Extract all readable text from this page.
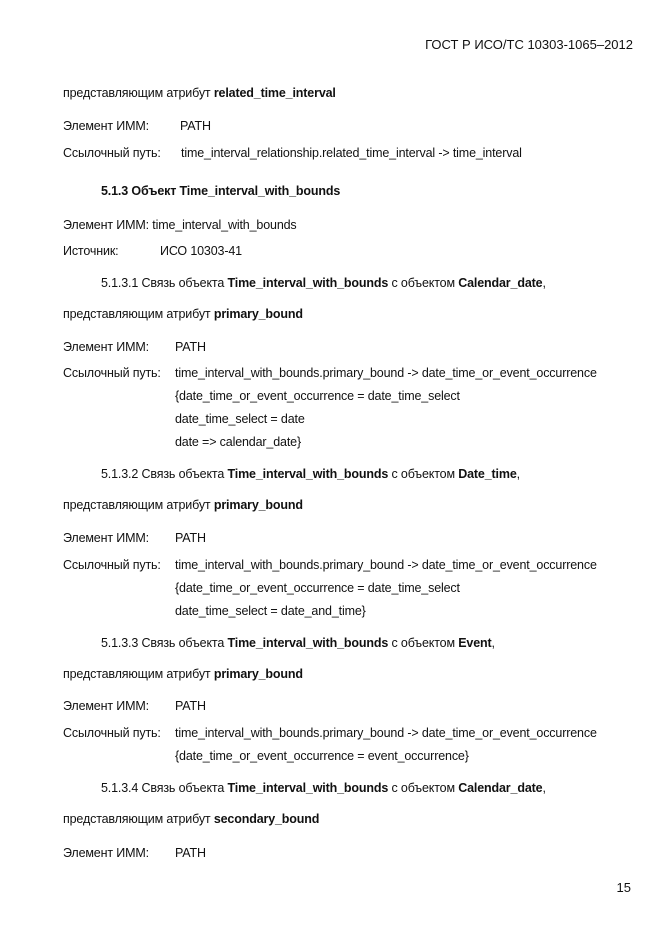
ГОСТ Р ИСО/ТС 10303-1065–2012
представляющим атрибут related_time_interval
Элемент ИММ: PATH
Ссылочный путь: time_interval_relationship.related_time_interval -> time_interval
5.1.3 Объект Time_interval_with_bounds
Элемент ИММ: time_interval_with_bounds
Источник:	ИСО 10303-41
5.1.3.1 Связь объекта Time_interval_with_bounds с объектом Calendar_date,
представляющим атрибут primary_bound
Элемент ИММ: PATH
Ссылочный путь: time_interval_with_bounds.primary_bound -> date_time_or_event_occurrence
{date_time_or_event_occurrence = date_time_select
date_time_select = date
date => calendar_date}
5.1.3.2 Связь объекта Time_interval_with_bounds с объектом Date_time,
представляющим атрибут primary_bound
Элемент ИММ: PATH
Ссылочный путь: time_interval_with_bounds.primary_bound -> date_time_or_event_occurrence
{date_time_or_event_occurrence = date_time_select
date_time_select = date_and_time}
5.1.3.3 Связь объекта Time_interval_with_bounds с объектом Event,
представляющим атрибут primary_bound
Элемент ИММ: PATH
Ссылочный путь: time_interval_with_bounds.primary_bound -> date_time_or_event_occurrence
{date_time_or_event_occurrence = event_occurrence}
5.1.3.4 Связь объекта Time_interval_with_bounds с объектом Calendar_date,
представляющим атрибут secondary_bound
Элемент ИММ: PATH
15
